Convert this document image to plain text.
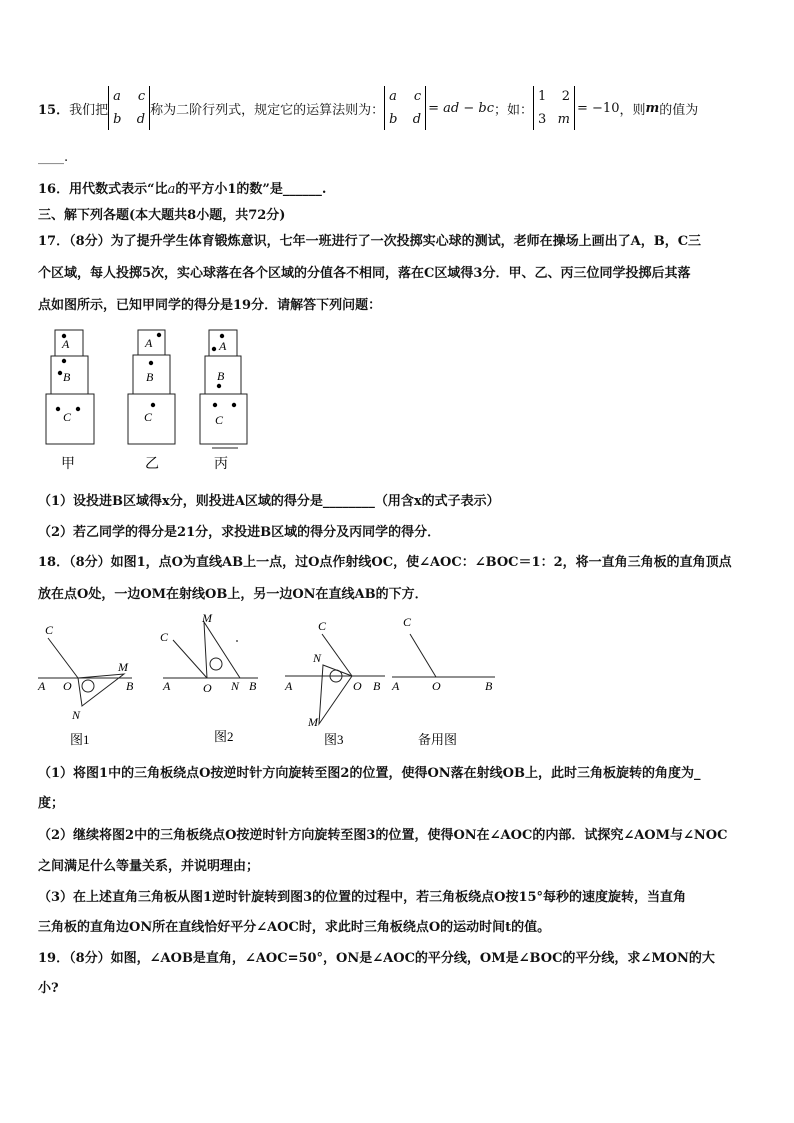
15． 我们把
a c
b d
称为二阶行列式，规定它的运算法则为：
a c
b d
= ad − bc ；如：
1 2
3 m
= −10 ，则 m 的值为
____.
16．用代数式表示“比a的平方小1的数”是______.
三、解下列各题(本大题共8小题，共72分)
17．（8分）为了提升学生体育锻炼意识，七年一班进行了一次投掷实心球的测试，老师在操场上画出了A，B，C三
个区域，每人投掷5次，实心球落在各个区域的分值各不相同，落在C区域得3分．甲、乙、丙三位同学投掷后其落
点如图所示，已知甲同学的得分是19分．请解答下列问题：
A
B
C
A
B
C
A
B
C
甲	乙	丙
（1）设投进B区域得x分，则投进A区域的得分是________（用含x的式子表示）
（2）若乙同学的得分是21分，求投进B区域的得分及丙同学的得分．
18．（8分）如图1，点O为直线AB上一点，过O点作射线OC，使∠AOC：∠BOC＝1：2，将一直角三角板的直角顶点
放在点O处，一边OM在射线OB上，另一边ON在直线AB的下方．
C
A O
M
B
N
C
M
A	O N B
C
N
A	O B
M
C
A	O	B
图1	图2	图3	备用图
（1）将图1中的三角板绕点O按逆时针方向旋转至图2的位置，使得ON落在射线OB上，此时三角板旋转的角度为_
度；
（2）继续将图2中的三角板绕点O按逆时针方向旋转至图3的位置，使得ON在∠AOC的内部．试探究∠AOM与∠NOC
之间满足什么等量关系，并说明理由；
（3）在上述直角三角板从图1逆时针旋转到图3的位置的过程中，若三角板绕点O按15°每秒的速度旋转，当直角
三角板的直角边ON所在直线恰好平分∠AOC时，求此时三角板绕点O的运动时间t的值。
19．（8分）如图，∠AOB是直角，∠AOC=50°，ON是∠AOC的平分线，OM是∠BOC的平分线，求∠MON的大
小?
